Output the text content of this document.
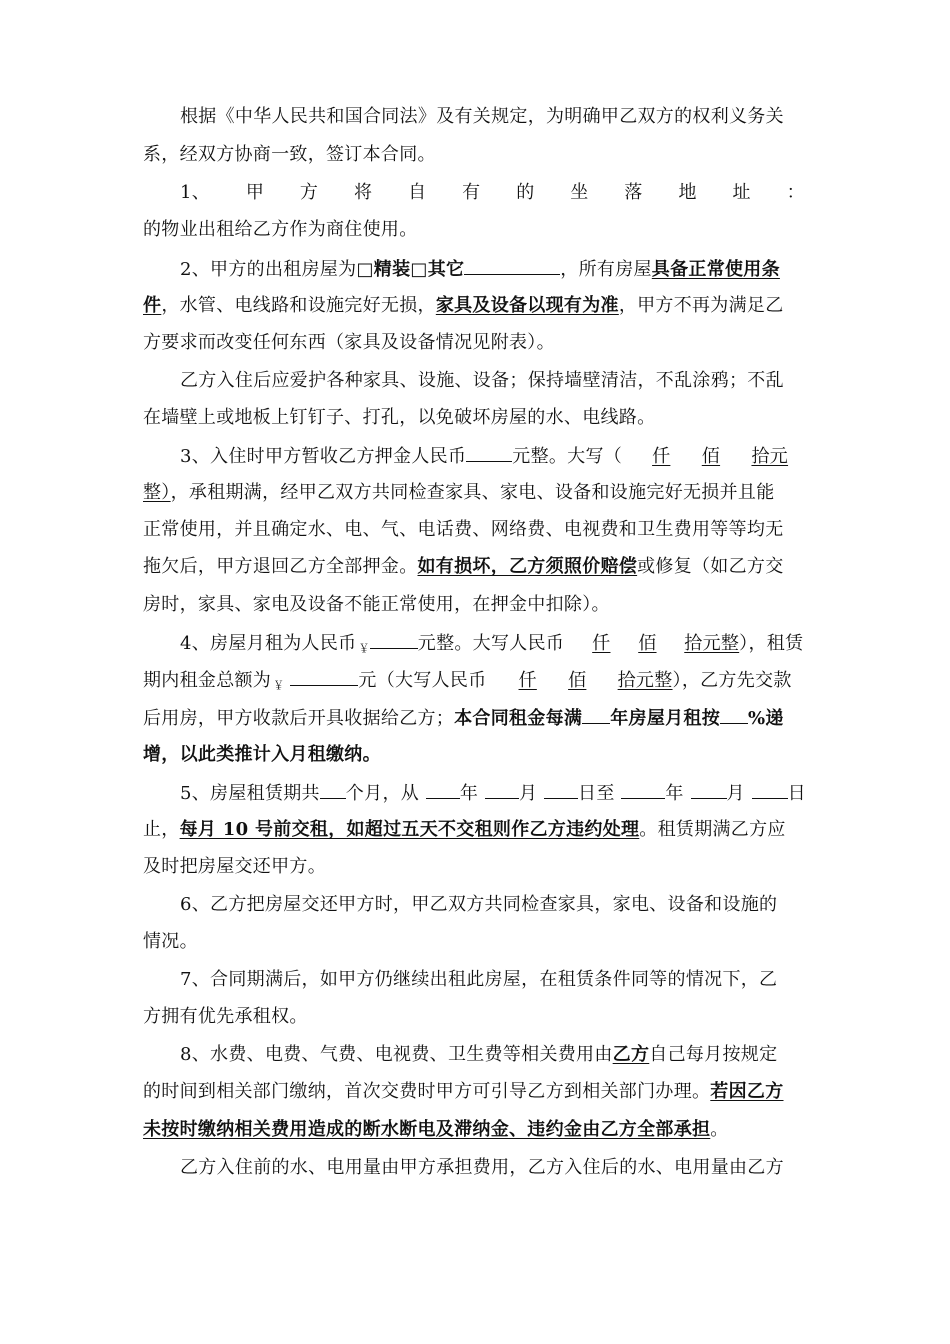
根据《中华人民共和国合同法》及有关规定，为明确甲乙双方的权利义务关
系，经双方协商一致，签订本合同。
1、 甲 方 将 自 有 的 坐 落 地 址 ：
的物业出租给乙方作为商住使用。
2、甲方的出租房屋为□精装□其它	，所有房屋具备正常使用条
件，水管、电线路和设施完好无损，家具及设备以现有为准，甲方不再为满足乙
方要求而改变任何东西（家具及设备情况见附表）。
乙方入住后应爱护各种家具、设施、设备；保持墙壁清洁，不乱涂鸦；不乱
在墙壁上或地板上钉钉子、打孔，以免破坏房屋的水、电线路。
3、入住时甲方暂收乙方押金人民币	元整。大写（ 仟 佰 拾元
整），承租期满，经甲乙双方共同检查家具、家电、设备和设施完好无损并且能
正常使用，并且确定水、电、气、电话费、网络费、电视费和卫生费用等等均无
拖欠后，甲方退回乙方全部押金。如有损坏，乙方须照价赔偿或修复（如乙方交
房时，家具、家电及设备不能正常使用，在押金中扣除）。
4、房屋月租为人民币 ￥	元整。大写人民币 仟 佰 拾元整 ），租赁
期内租金总额为 ￥	元（大写人民币 仟 佰 拾元整 ），乙方先交款
后用房，甲方收款后开具收据给乙方；本合同租金每满 年房屋月租按 %递
增，以此类推计入月租缴纳。
5、房屋租赁期共 个月，从	年	月	日至	年	月	日
止，每月 10 号前交租，如超过五天不交租则作乙方违约处理。租赁期满乙方应
及时把房屋交还甲方。
6、乙方把房屋交还甲方时，甲乙双方共同检查家具，家电、设备和设施的
情况。
7、合同期满后，如甲方仍继续出租此房屋，在租赁条件同等的情况下，乙
方拥有优先承租权。
8、水费、电费、气费、电视费、卫生费等相关费用由乙方自己每月按规定
的时间到相关部门缴纳，首次交费时甲方可引导乙方到相关部门办理。若因乙方
未按时缴纳相关费用造成的断水断电及滞纳金、违约金由乙方全部承担。
乙方入住前的水、电用量由甲方承担费用，乙方入住后的水、电用量由乙方
